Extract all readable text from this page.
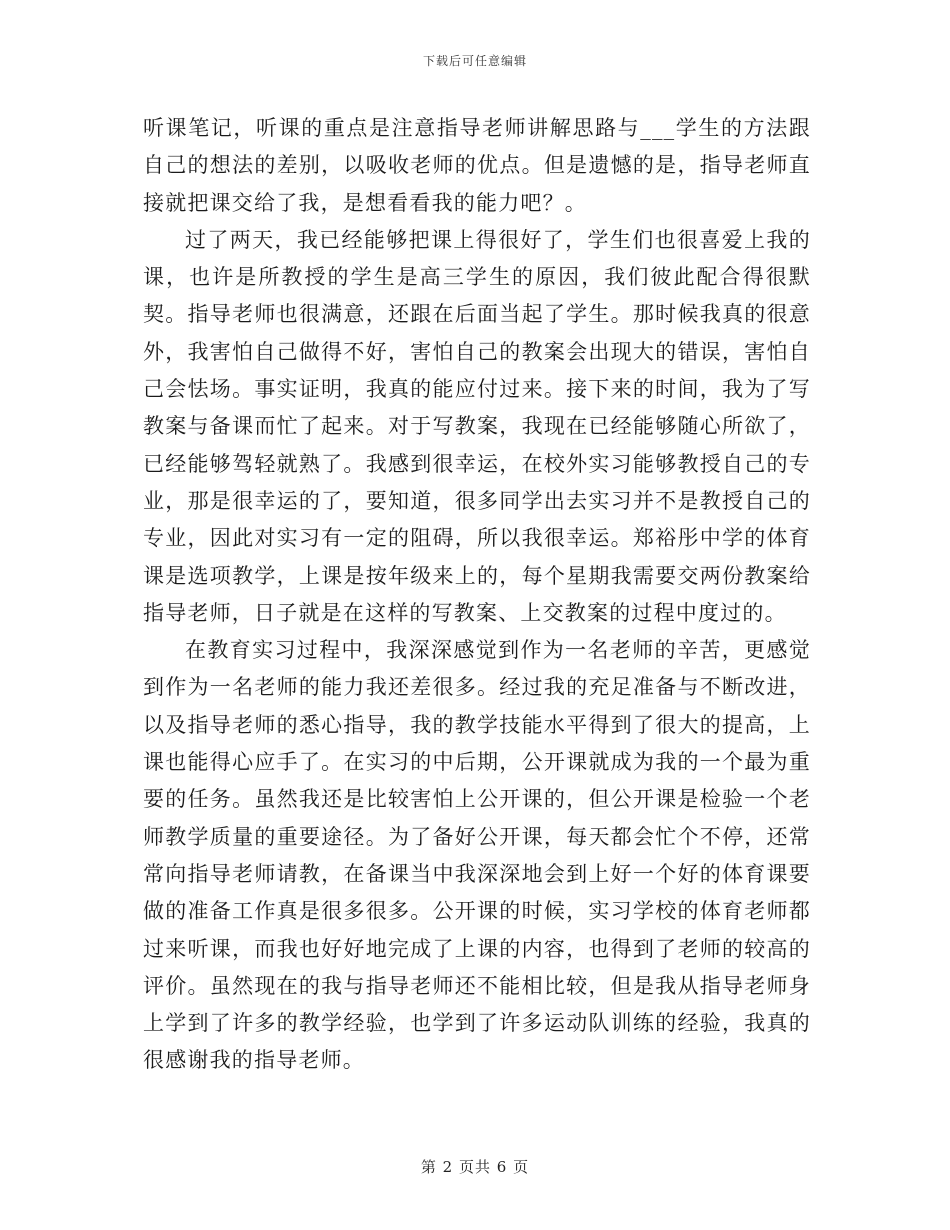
下载后可任意编辑

听课笔记，听课的重点是注意指导老师讲解思路与___学生的方法跟自己的想法的差别，以吸收老师的优点。但是遗憾的是，指导老师直接就把课交给了我，是想看看我的能力吧？。

过了两天，我已经能够把课上得很好了，学生们也很喜爱上我的课，也许是所教授的学生是高三学生的原因，我们彼此配合得很默契。指导老师也很满意，还跟在后面当起了学生。那时候我真的很意外，我害怕自己做得不好，害怕自己的教案会出现大的错误，害怕自己会怯场。事实证明，我真的能应付过来。接下来的时间，我为了写教案与备课而忙了起来。对于写教案，我现在已经能够随心所欲了，已经能够驾轻就熟了。我感到很幸运，在校外实习能够教授自己的专业，那是很幸运的了，要知道，很多同学出去实习并不是教授自己的专业，因此对实习有一定的阻碍，所以我很幸运。郑裕彤中学的体育课是选项教学，上课是按年级来上的，每个星期我需要交两份教案给指导老师，日子就是在这样的写教案、上交教案的过程中度过的。

在教育实习过程中，我深深感觉到作为一名老师的辛苦，更感觉到作为一名老师的能力我还差很多。经过我的充足准备与不断改进，以及指导老师的悉心指导，我的教学技能水平得到了很大的提高，上课也能得心应手了。在实习的中后期，公开课就成为我的一个最为重要的任务。虽然我还是比较害怕上公开课的，但公开课是检验一个老师教学质量的重要途径。为了备好公开课，每天都会忙个不停，还常常向指导老师请教，在备课当中我深深地会到上好一个好的体育课要做的准备工作真是很多很多。公开课的时候，实习学校的体育老师都过来听课，而我也好好地完成了上课的内容，也得到了老师的较高的评价。虽然现在的我与指导老师还不能相比较，但是我从指导老师身上学到了许多的教学经验，也学到了许多运动队训练的经验，我真的很感谢我的指导老师。

第 2 页共 6 页
